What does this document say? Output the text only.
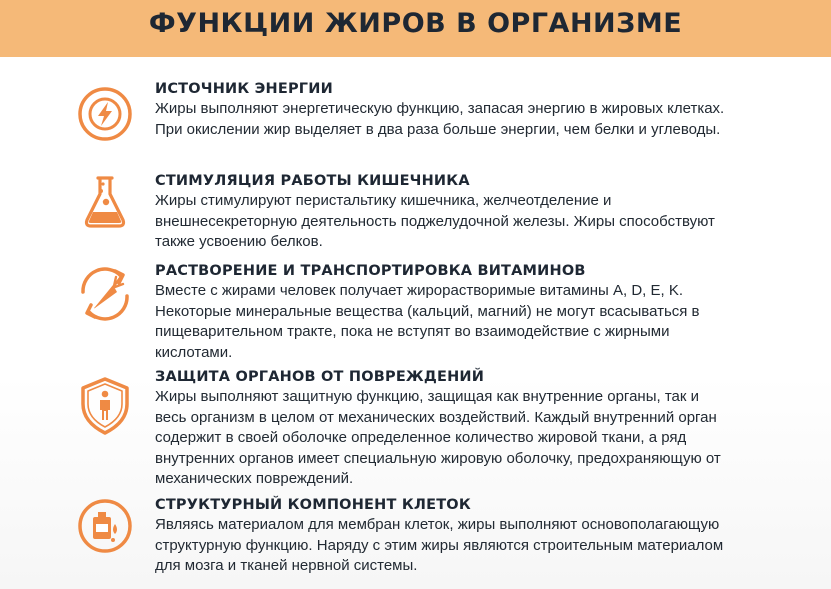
ФУНКЦИИ ЖИРОВ В ОРГАНИЗМЕ
ИСТОЧНИК ЭНЕРГИИ
Жиры выполняют энергетическую функцию, запасая энергию в жировых клетках. При окислении жир выделяет в два раза больше энергии, чем белки и углеводы.
СТИМУЛЯЦИЯ РАБОТЫ КИШЕЧНИКА
Жиры стимулируют перистальтику кишечника, желчеотделение и внешнесекреторную деятельность поджелудочной железы. Жиры способствуют также усвоению белков.
РАСТВОРЕНИЕ И ТРАНСПОРТИРОВКА ВИТАМИНОВ
Вместе с жирами человек получает жирорастворимые витамины A, D, E, K. Некоторые минеральные вещества (кальций, магний) не могут всасываться в пищеварительном тракте, пока не вступят во взаимодействие с жирными кислотами.
ЗАЩИТА ОРГАНОВ ОТ ПОВРЕЖДЕНИЙ
Жиры выполняют защитную функцию, защищая как внутренние органы, так и весь организм в целом от механических воздействий. Каждый внутренний орган содержит в своей оболочке определенное количество жировой ткани, а ряд внутренних органов имеет специальную жировую оболочку, предохраняющую от механических повреждений.
СТРУКТУРНЫЙ КОМПОНЕНТ КЛЕТОК
Являясь материалом для мембран клеток, жиры выполняют основополагающую структурную функцию. Наряду с этим жиры являются строительным материалом для мозга и тканей нервной системы.
